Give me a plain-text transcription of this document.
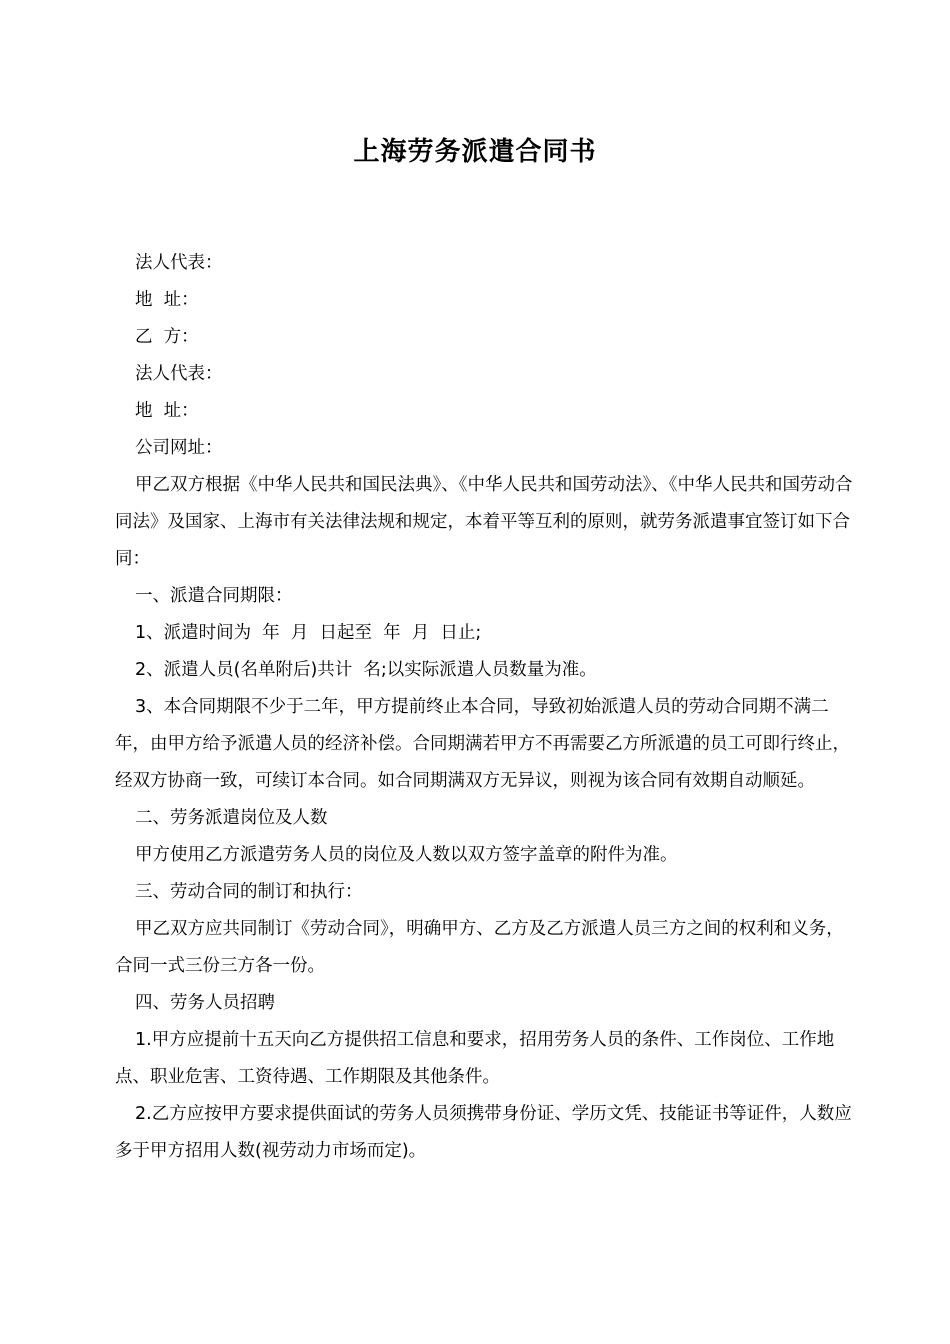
上海劳务派遣合同书

法人代表：

地  址：

乙  方：

法人代表：

地  址：

公司网址：

甲乙双方根据《中华人民共和国民法典》、《中华人民共和国劳动法》、《中华人民共和国劳动合同法》及国家、上海市有关法律法规和规定，本着平等互利的原则，就劳务派遣事宜签订如下合同：

一、派遣合同期限：

1、派遣时间为  年  月  日起至  年  月  日止;

2、派遣人员(名单附后)共计  名;以实际派遣人员数量为准。

3、本合同期限不少于二年，甲方提前终止本合同，导致初始派遣人员的劳动合同期不满二年，由甲方给予派遣人员的经济补偿。合同期满若甲方不再需要乙方所派遣的员工可即行终止，经双方协商一致，可续订本合同。如合同期满双方无异议，则视为该合同有效期自动顺延。

二、劳务派遣岗位及人数

甲方使用乙方派遣劳务人员的岗位及人数以双方签字盖章的附件为准。

三、劳动合同的制订和执行：

甲乙双方应共同制订《劳动合同》，明确甲方、乙方及乙方派遣人员三方之间的权利和义务，合同一式三份三方各一份。

四、劳务人员招聘

1.甲方应提前十五天向乙方提供招工信息和要求，招用劳务人员的条件、工作岗位、工作地点、职业危害、工资待遇、工作期限及其他条件。

2.乙方应按甲方要求提供面试的劳务人员须携带身份证、学历文凭、技能证书等证件，人数应多于甲方招用人数(视劳动力市场而定)。
